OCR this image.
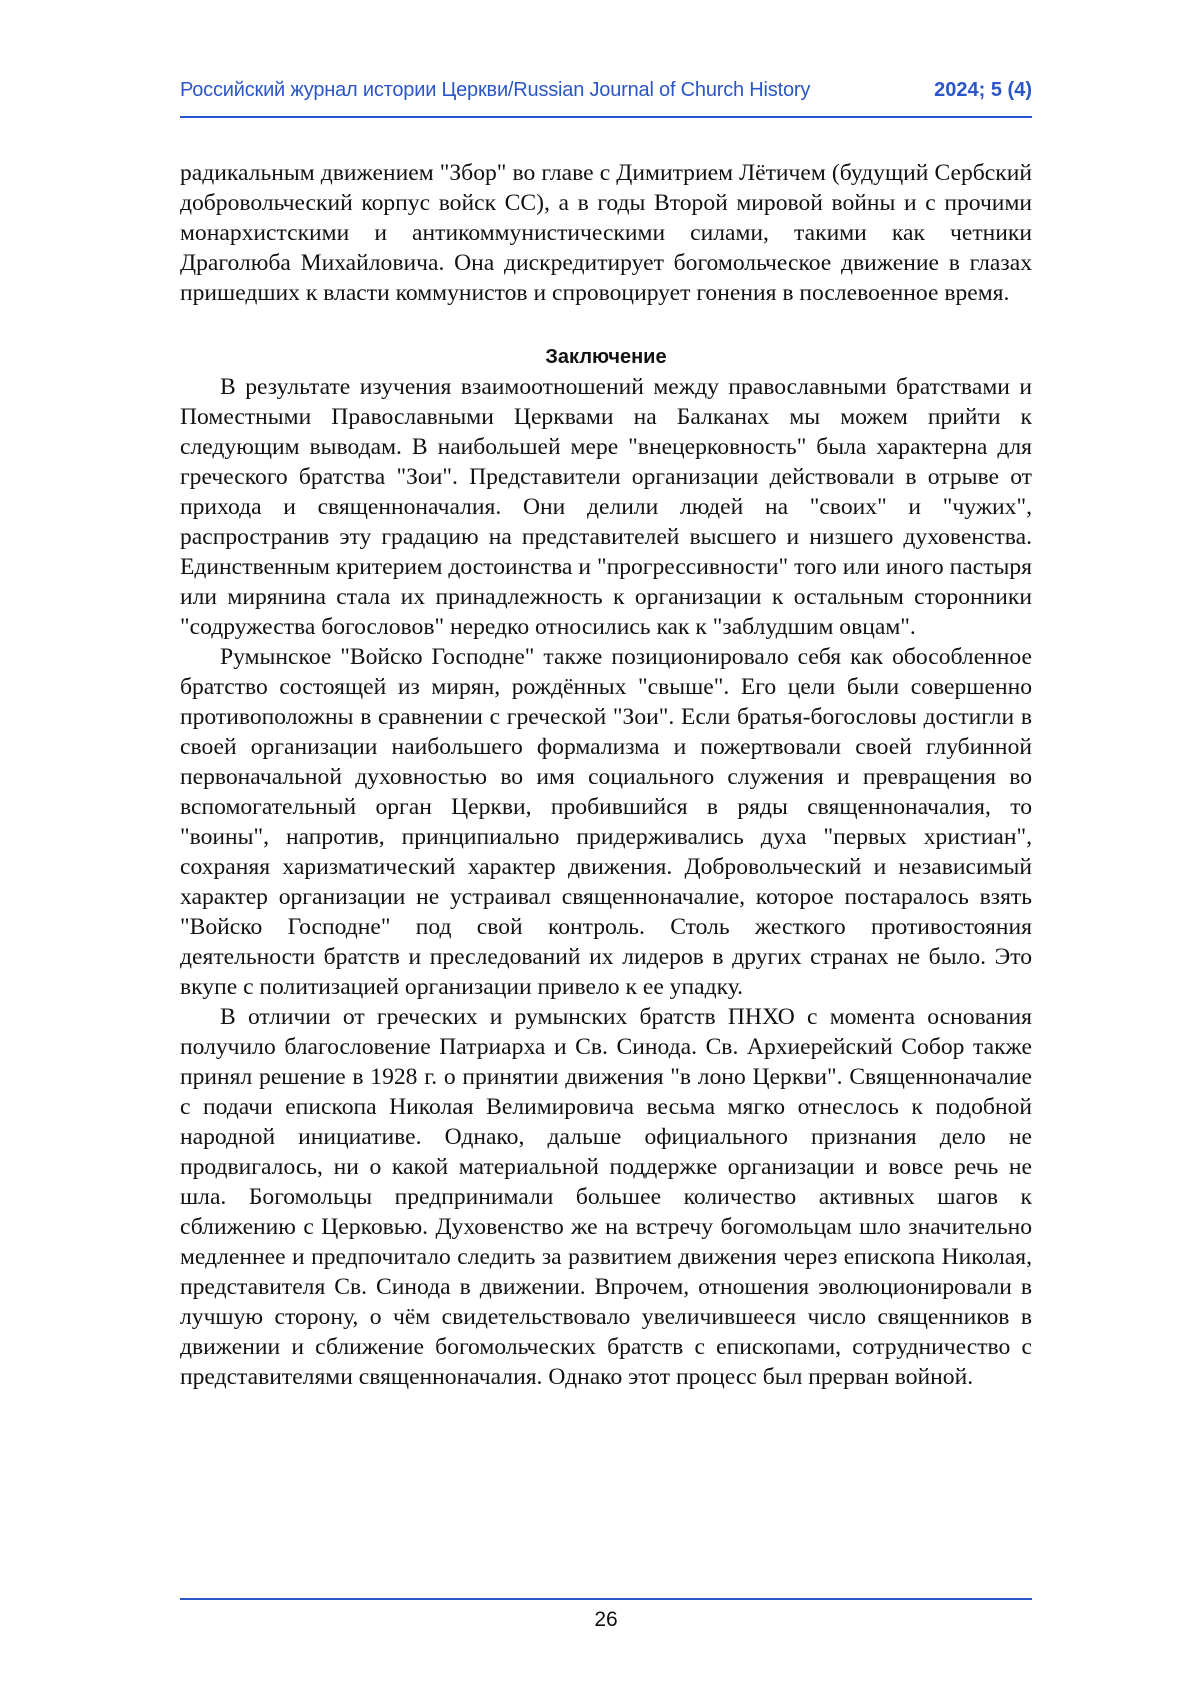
Российский журнал истории Церкви/Russian Journal of Church History	2024; 5 (4)

радикальным движением "Збор" во главе с Димитрием Лётичем (будущий Сербский добровольческий корпус войск СС), а в годы Второй мировой войны и с прочими монархистскими и антикоммунистическими силами, такими как четники Драголюба Михайловича. Она дискредитирует богомольческое движение в глазах пришедших к власти коммунистов и спровоцирует гонения в послевоенное время.

Заключение

В результате изучения взаимоотношений между православными братствами и Поместными Православными Церквами на Балканах мы можем прийти к следующим выводам. В наибольшей мере "внецерковность" была характерна для греческого братства "Зои". Представители организации действовали в отрыве от прихода и священноначалия. Они делили людей на "своих" и "чужих", распространив эту градацию на представителей высшего и низшего духовенства. Единственным критерием достоинства и "прогрессивности" того или иного пастыря или мирянина стала их принадлежность к организации к остальным сторонники "содружества богословов" нередко относились как к "заблудшим овцам".

Румынское "Войско Господне" также позиционировало себя как обособленное братство состоящей из мирян, рождённых "свыше". Его цели были совершенно противоположны в сравнении с греческой "Зои". Если братья-богословы достигли в своей организации наибольшего формализма и пожертвовали своей глубинной первоначальной духовностью во имя социального служения и превращения во вспомогательный орган Церкви, пробившийся в ряды священноначалия, то "воины", напротив, принципиально придерживались духа "первых христиан", сохраняя харизматический характер движения. Добровольческий и независимый характер организации не устраивал священноначалие, которое постаралось взять "Войско Господне" под свой контроль. Столь жесткого противостояния деятельности братств и преследований их лидеров в других странах не было. Это вкупе с политизацией организации привело к ее упадку.

В отличии от греческих и румынских братств ПНХО с момента основания получило благословение Патриарха и Св. Синода. Св. Архиерейский Собор также принял решение в 1928 г. о принятии движения "в лоно Церкви". Священноначалие с подачи епископа Николая Велимировича весьма мягко отнеслось к подобной народной инициативе. Однако, дальше официального признания дело не продвигалось, ни о какой материальной поддержке организации и вовсе речь не шла. Богомольцы предпринимали большее количество активных шагов к сближению с Церковью. Духовенство же на встречу богомольцам шло значительно медленнее и предпочитало следить за развитием движения через епископа Николая, представителя Св. Синода в движении. Впрочем, отношения эволюционировали в лучшую сторону, о чём свидетельствовало увеличившееся число священников в движении и сближение богомольческих братств с епископами, сотрудничество с представителями священноначалия. Однако этот процесс был прерван войной.

26
